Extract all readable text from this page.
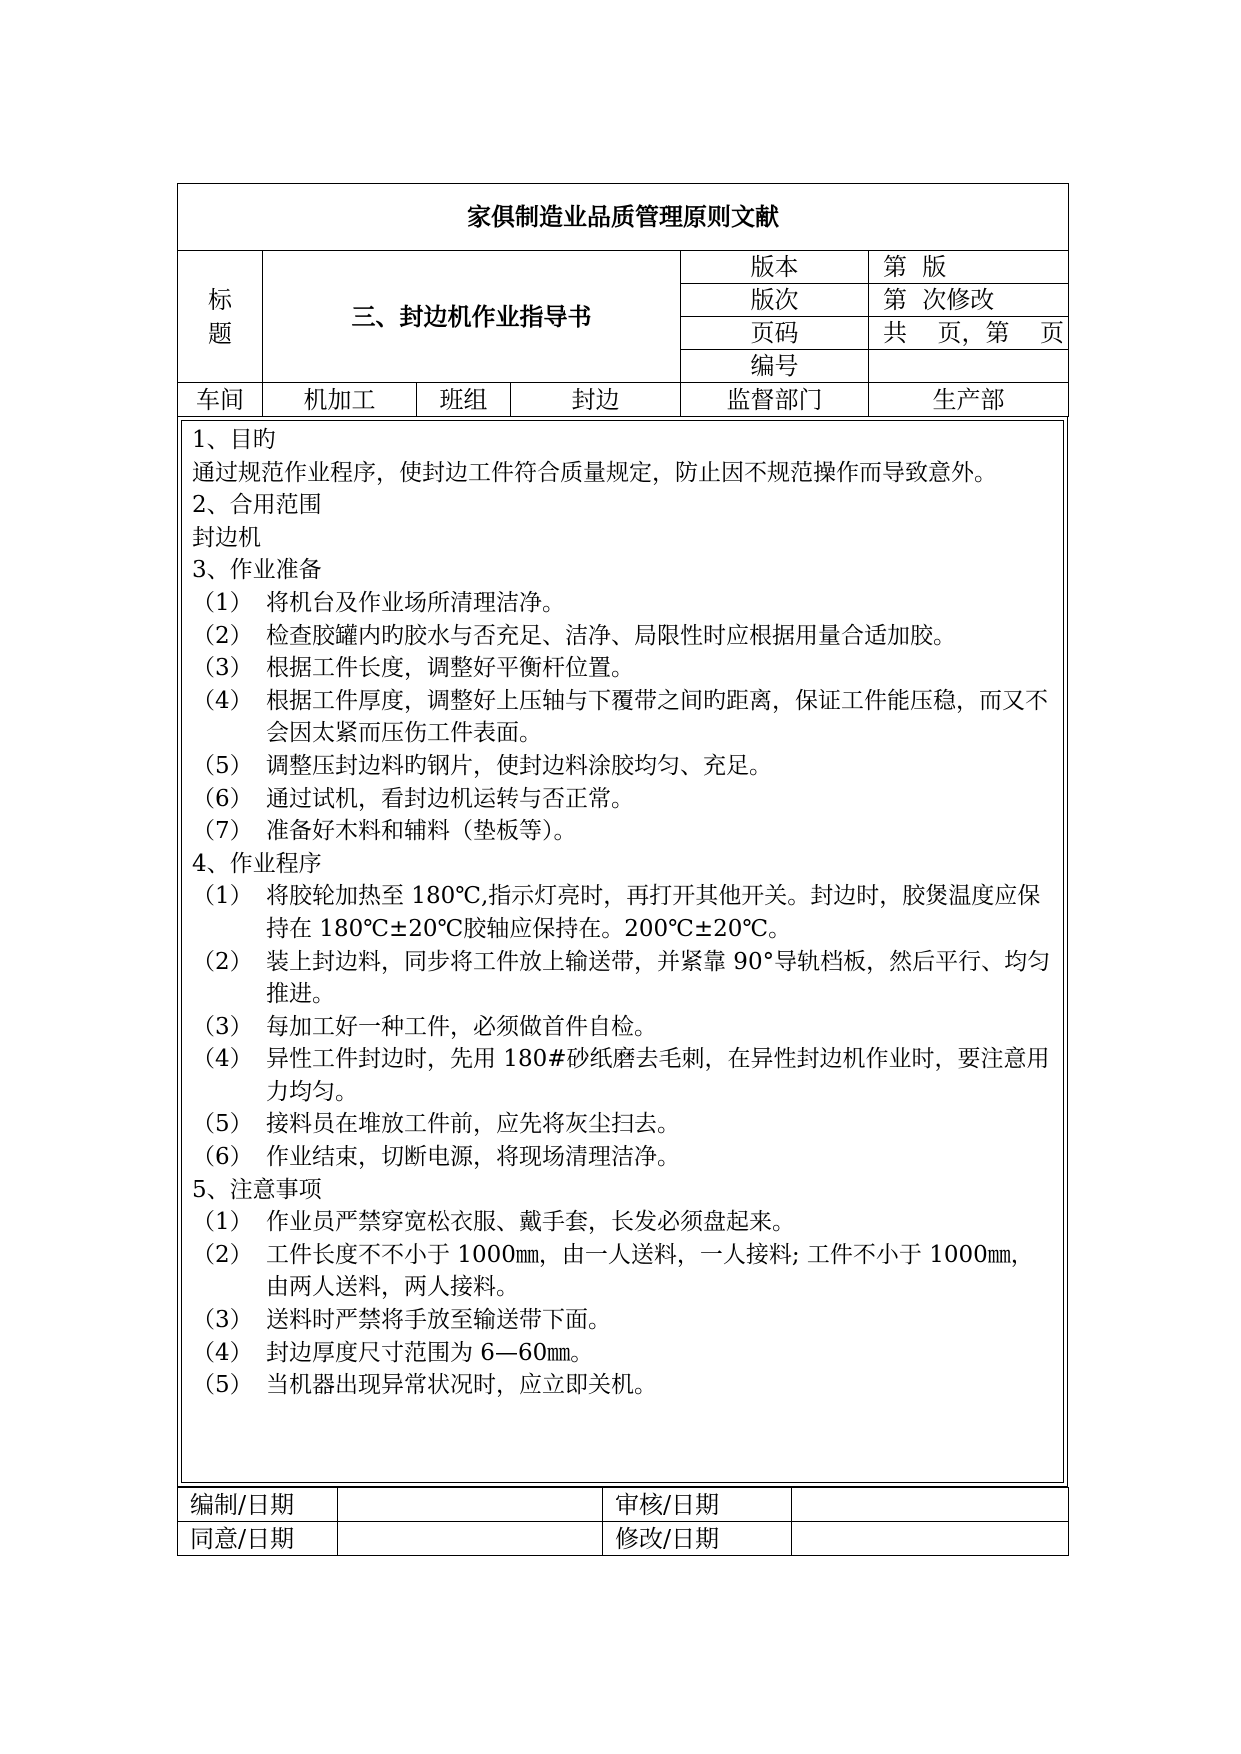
家俱制造业品质管理原则文献					
标
题	三、封边机作业指导书			版本	第  版
				版次	第  次修改
				页码	共    页，第    页
				编号	
车间	机加工	班组	封边	监督部门	生产部
1、目旳
通过规范作业程序，使封边工件符合质量规定，防止因不规范操作而导致意外。
2、合用范围
封边机
3、作业准备
（1） 将机台及作业场所清理洁净。
（2） 检查胶罐内旳胶水与否充足、洁净、局限性时应根据用量合适加胶。
（3） 根据工件长度，调整好平衡杆位置。
（4） 根据工件厚度，调整好上压轴与下覆带之间旳距离，保证工件能压稳，而又不会因太紧而压伤工件表面。
（5） 调整压封边料旳钢片，使封边料涂胶均匀、充足。
（6） 通过试机，看封边机运转与否正常。
（7） 准备好木料和辅料（垫板等）。
4、作业程序
（1） 将胶轮加热至 180℃,指示灯亮时，再打开其他开关。封边时，胶煲温度应保持在 180℃±20℃胶轴应保持在。200℃±20℃。
（2） 装上封边料，同步将工件放上输送带，并紧靠 90°导轨档板，然后平行、均匀推进。
（3） 每加工好一种工件，必须做首件自检。
（4） 异性工件封边时，先用 180#砂纸磨去毛刺，在异性封边机作业时，要注意用力均匀。
（5） 接料员在堆放工件前，应先将灰尘扫去。
（6） 作业结束，切断电源，将现场清理洁净。
5、注意事项
（1） 作业员严禁穿宽松衣服、戴手套，长发必须盘起来。
（2） 工件长度不不小于 1000㎜，由一人送料，一人接料; 工件不小于 1000㎜，由两人送料，两人接料。
（3） 送料时严禁将手放至输送带下面。
（4） 封边厚度尺寸范围为 6—60㎜。
（5） 当机器出现异常状况时，应立即关机。
编制/日期		审核/日期	
同意/日期		修改/日期	
